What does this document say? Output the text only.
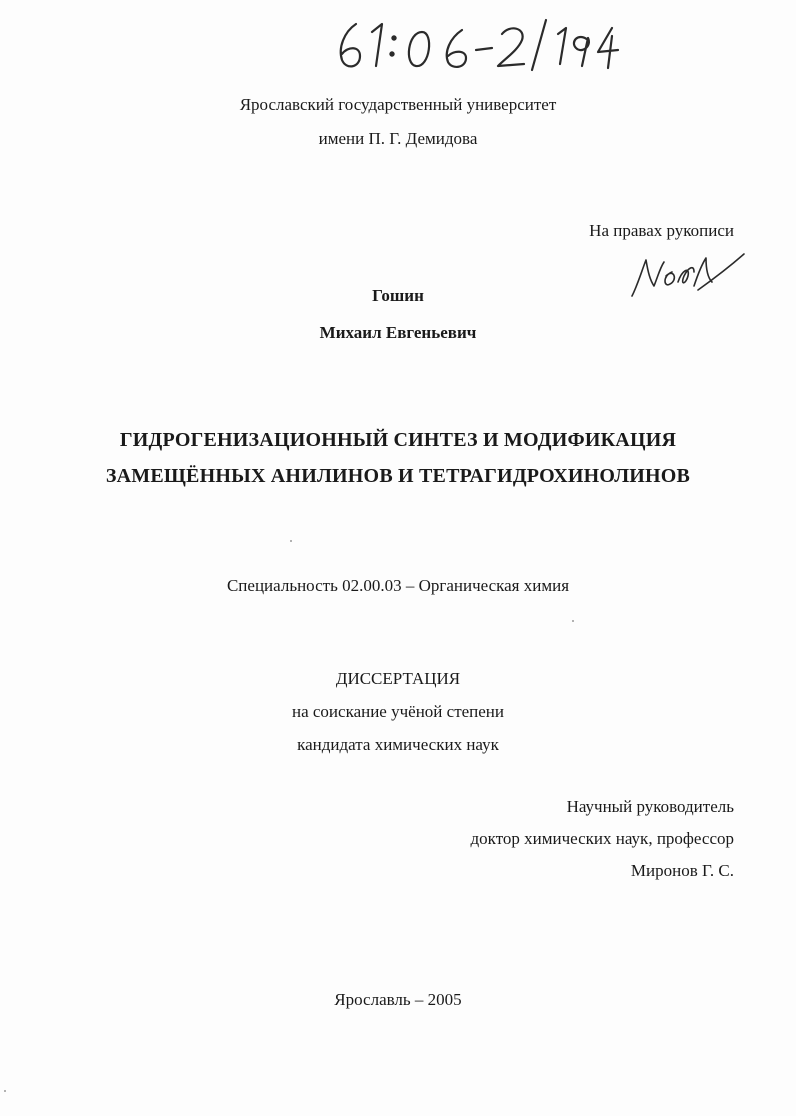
Ярославский государственный университет
имени П. Г. Демидова
На правах рукописи
Гошин
Михаил Евгеньевич
ГИДРОГЕНИЗАЦИОННЫЙ СИНТЕЗ И МОДИФИКАЦИЯ
ЗАМЕЩЁННЫХ АНИЛИНОВ И ТЕТРАГИДРОХИНОЛИНОВ
Специальность 02.00.03 – Органическая химия
ДИССЕРТАЦИЯ
на соискание учёной степени
кандидата химических наук
Научный руководитель
доктор химических наук, профессор
Миронов Г. С.
Ярославль – 2005
